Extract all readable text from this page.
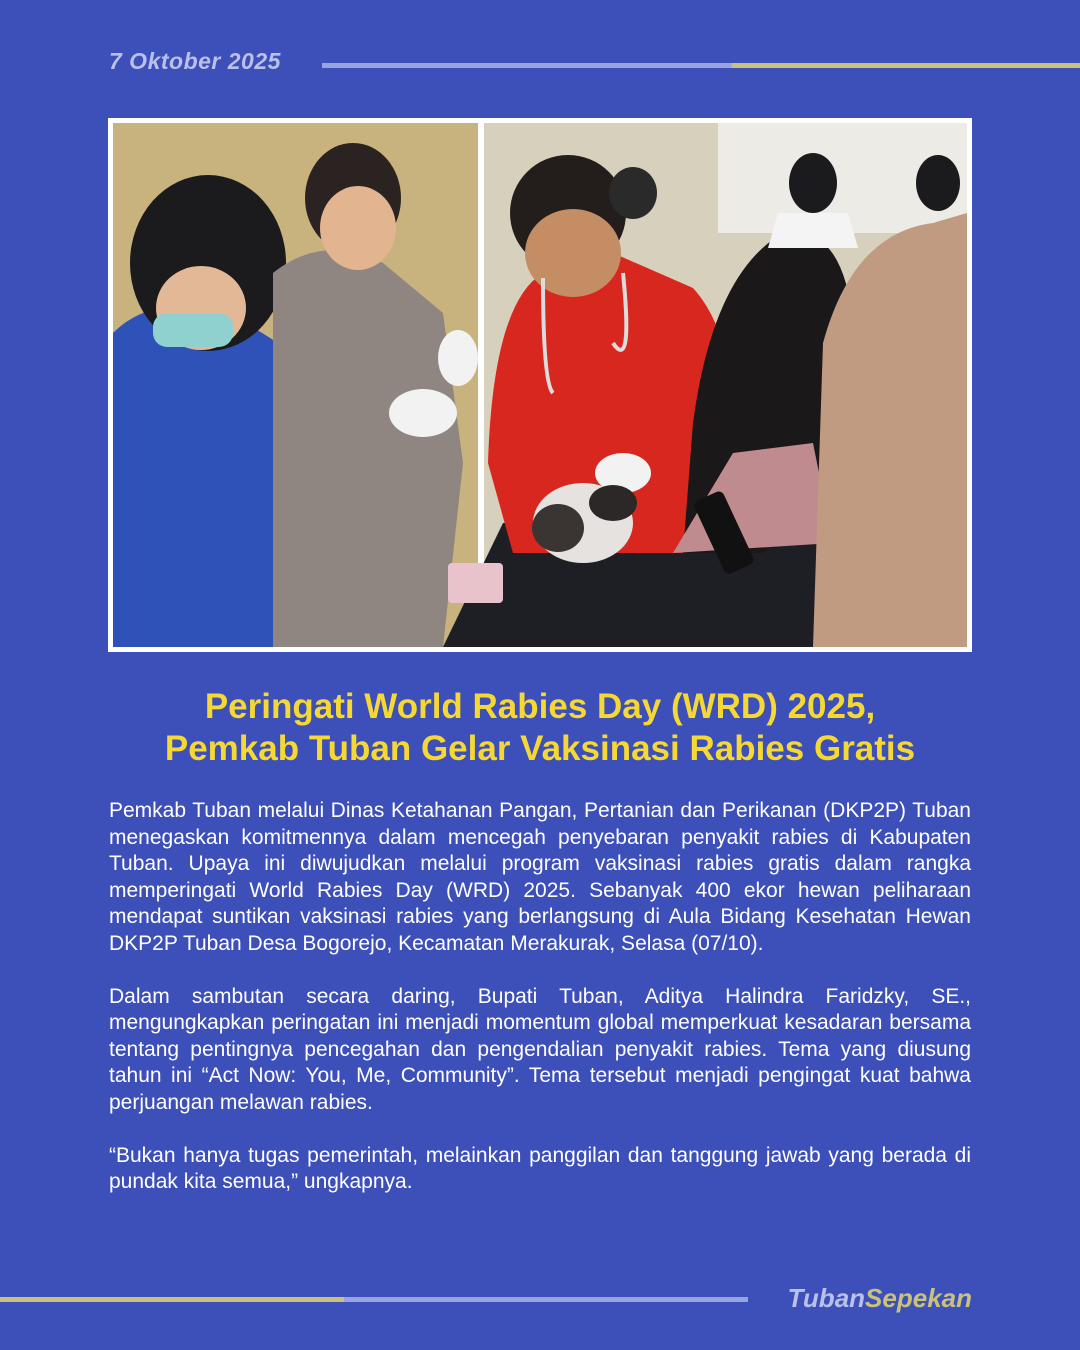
7 Oktober 2025
Peringati World Rabies Day (WRD) 2025,
Pemkab Tuban Gelar Vaksinasi Rabies Gratis

Pemkab Tuban melalui Dinas Ketahanan Pangan, Pertanian dan Perikanan (DKP2P) Tuban menegaskan komitmennya dalam mencegah penyebaran penyakit rabies di Kabupaten Tuban. Upaya ini diwujudkan melalui program vaksinasi rabies gratis dalam rangka memperingati World Rabies Day (WRD) 2025. Sebanyak 400 ekor hewan peliharaan mendapat suntikan vaksinasi rabies yang berlangsung di Aula Bidang Kesehatan Hewan DKP2P Tuban Desa Bogorejo, Kecamatan Merakurak, Selasa (07/10).

Dalam sambutan secara daring, Bupati Tuban, Aditya Halindra Faridzky, SE., mengungkapkan peringatan ini menjadi momentum global memperkuat kesadaran bersama tentang pentingnya pencegahan dan pengendalian penyakit rabies. Tema yang diusung tahun ini “Act Now: You, Me, Community”. Tema tersebut menjadi pengingat kuat bahwa perjuangan melawan rabies.

“Bukan hanya tugas pemerintah, melainkan panggilan dan tanggung jawab yang berada di pundak kita semua,” ungkapnya.

TubanSepekan
